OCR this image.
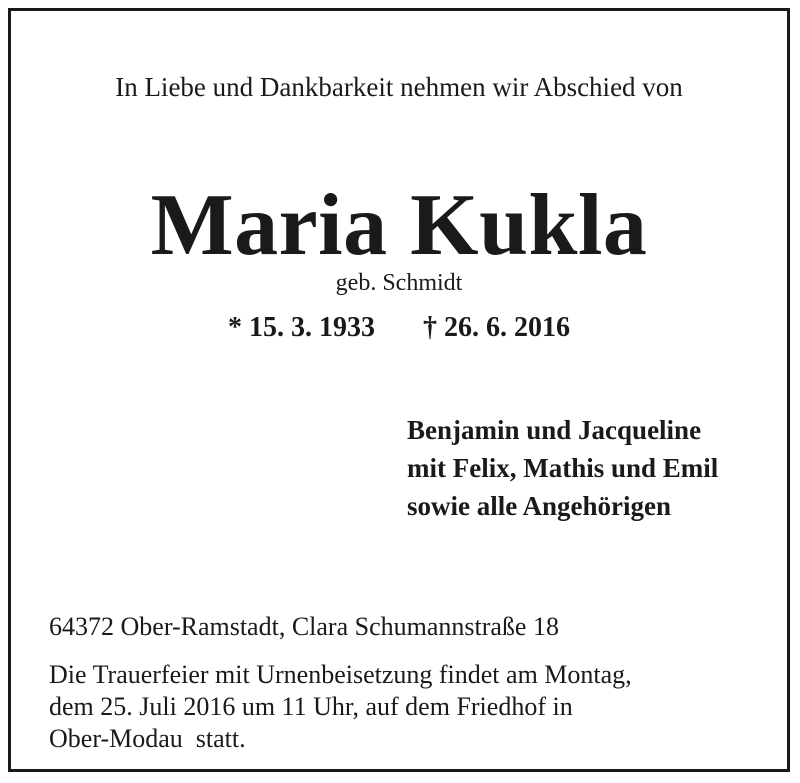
In Liebe und Dankbarkeit nehmen wir Abschied von
Maria Kukla
geb. Schmidt
* 15. 3. 1933 † 26. 6. 2016
Benjamin und Jacqueline
mit Felix, Mathis und Emil
sowie alle Angehörigen
64372 Ober-Ramstadt, Clara Schumannstraße 18
Die Trauerfeier mit Urnenbeisetzung findet am Montag,
dem 25. Juli 2016 um 11 Uhr, auf dem Friedhof in
Ober-Modau  statt.
